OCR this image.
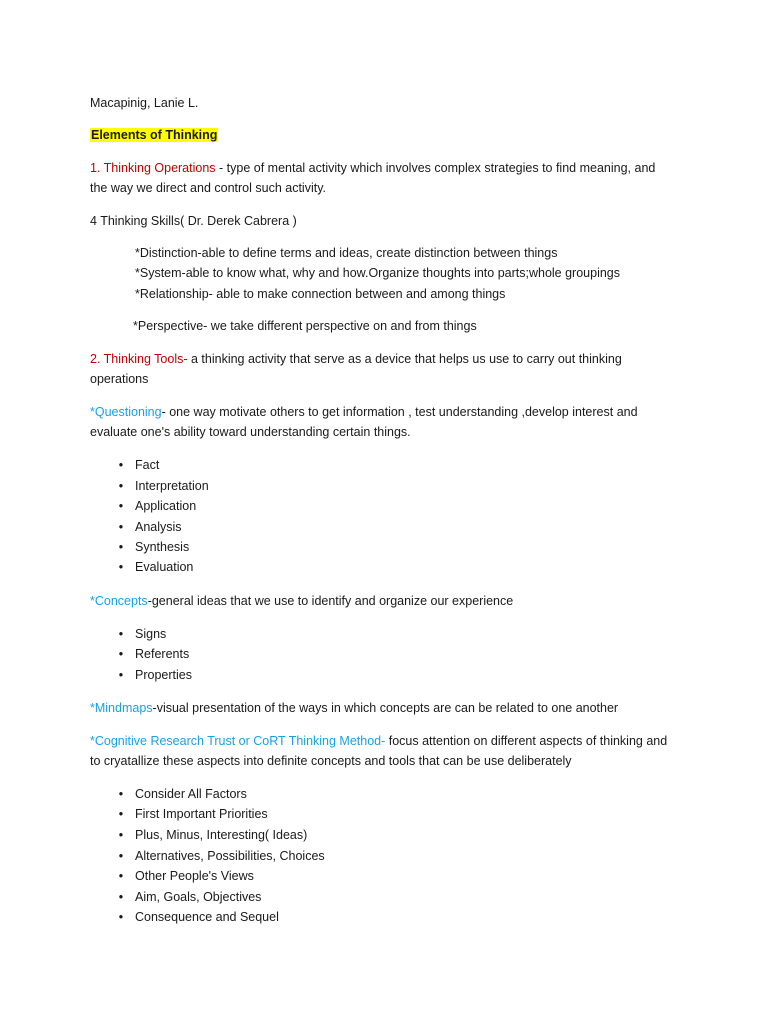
Macapinig, Lanie L.
Elements of Thinking
1. Thinking Operations - type of mental activity which involves complex strategies to find meaning, and
the way we direct and control such activity.
4 Thinking Skills( Dr. Derek Cabrera )
*Distinction-able to define terms and ideas, create distinction between things
*System-able to know what, why and how.Organize thoughts into parts;whole groupings
*Relationship- able to make connection between and among things
*Perspective- we take different perspective on and from things
2. Thinking Tools- a thinking activity that serve as a device that helps us use to carry out thinking
operations
*Questioning- one way motivate others to get information , test understanding ,develop interest and
evaluate one's ability toward understanding certain things.
• Fact
• Interpretation
• Application
• Analysis
• Synthesis
• Evaluation
*Concepts-general ideas that we use to identify and organize our experience
• Signs
• Referents
• Properties
*Mindmaps-visual presentation of the ways in which concepts are can be related to one another
*Cognitive Research Trust or CoRT Thinking Method- focus attention on different aspects of thinking and
to cryatallize these aspects into definite concepts and tools that can be use deliberately
• Consider All Factors
• First Important Priorities
• Plus, Minus, Interesting( Ideas)
• Alternatives, Possibilities, Choices
• Other People's Views
• Aim, Goals, Objectives
• Consequence and Sequel
